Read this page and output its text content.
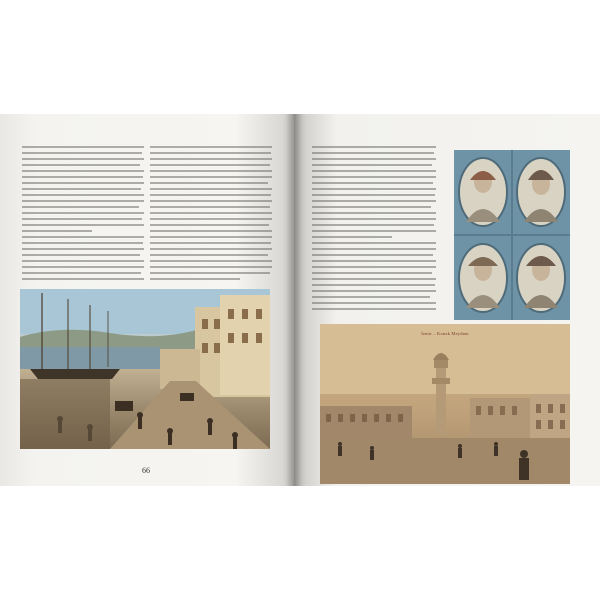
66
İzmir – Konak Meydanı
